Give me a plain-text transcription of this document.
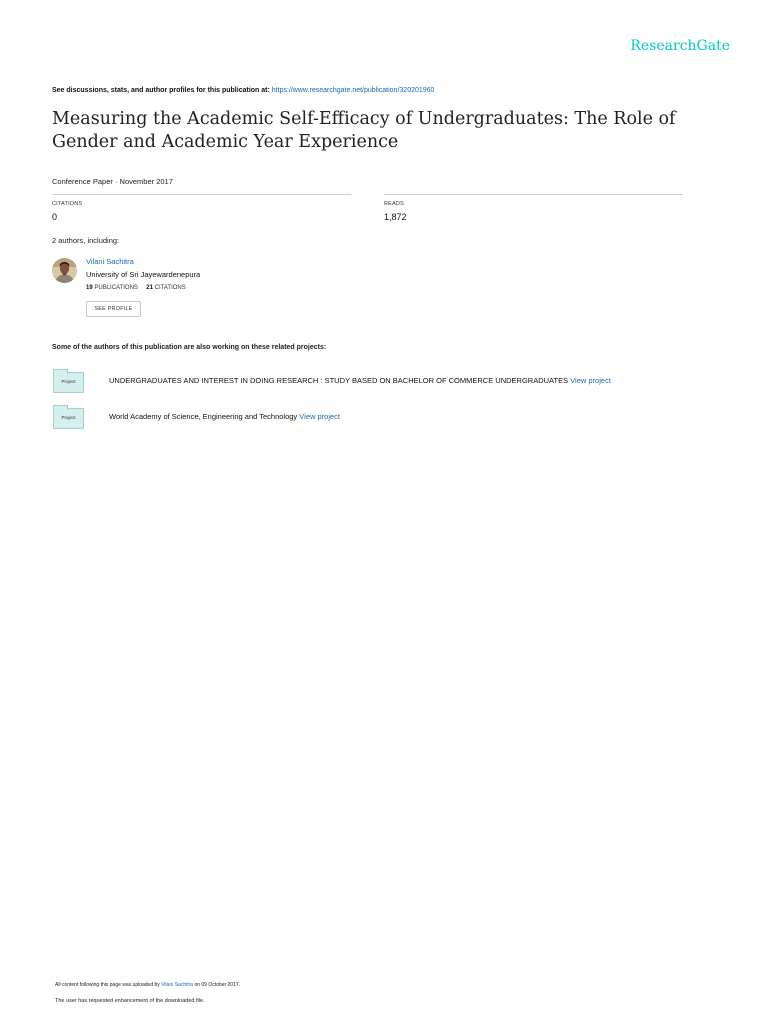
ResearchGate
See discussions, stats, and author profiles for this publication at: https://www.researchgate.net/publication/320201960
Measuring the Academic Self-Efficacy of Undergraduates: The Role of Gender and Academic Year Experience
Conference Paper · November 2017
CITATIONS
0
READS
1,872
2 authors, including:
Vilani Sachitra
University of Sri Jayewardenepura
19 PUBLICATIONS 21 CITATIONS
SEE PROFILE
Some of the authors of this publication are also working on these related projects:
Project	UNDERGRADUATES AND INTEREST IN DOING RESEARCH : STUDY BASED ON BACHELOR OF COMMERCE UNDERGRADUATES View project
Project	World Academy of Science, Engineering and Technology View project
All content following this page was uploaded by Vilani Sachitra on 09 October 2017.
The user has requested enhancement of the downloaded file.
